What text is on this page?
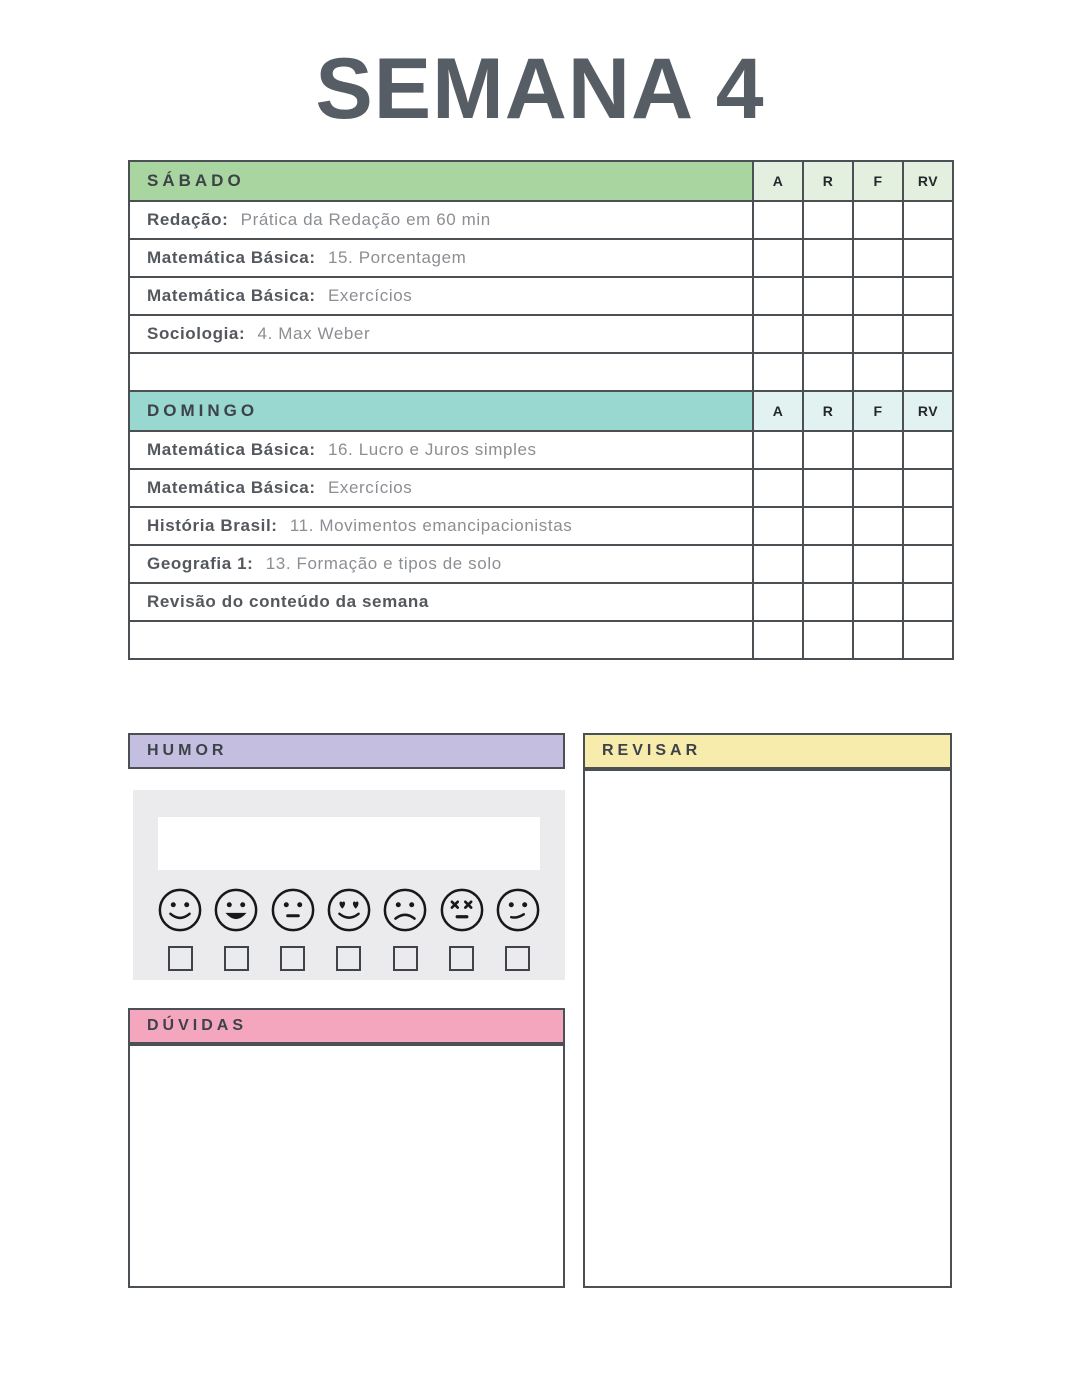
SEMANA 4
SÁBADO	A	R	F	RV
Redação: Prática da Redação em 60 min				
Matemática Básica: 15. Porcentagem				
Matemática Básica: Exercícios				
Sociologia: 4. Max Weber				

DOMINGO	A	R	F	RV
Matemática Básica: 16. Lucro e Juros simples				
Matemática Básica: Exercícios				
História Brasil: 11. Movimentos emancipacionistas				
Geografia 1: 13. Formação e tipos de solo				
Revisão do conteúdo da semana				

HUMOR	REVISAR
DÚVIDAS
